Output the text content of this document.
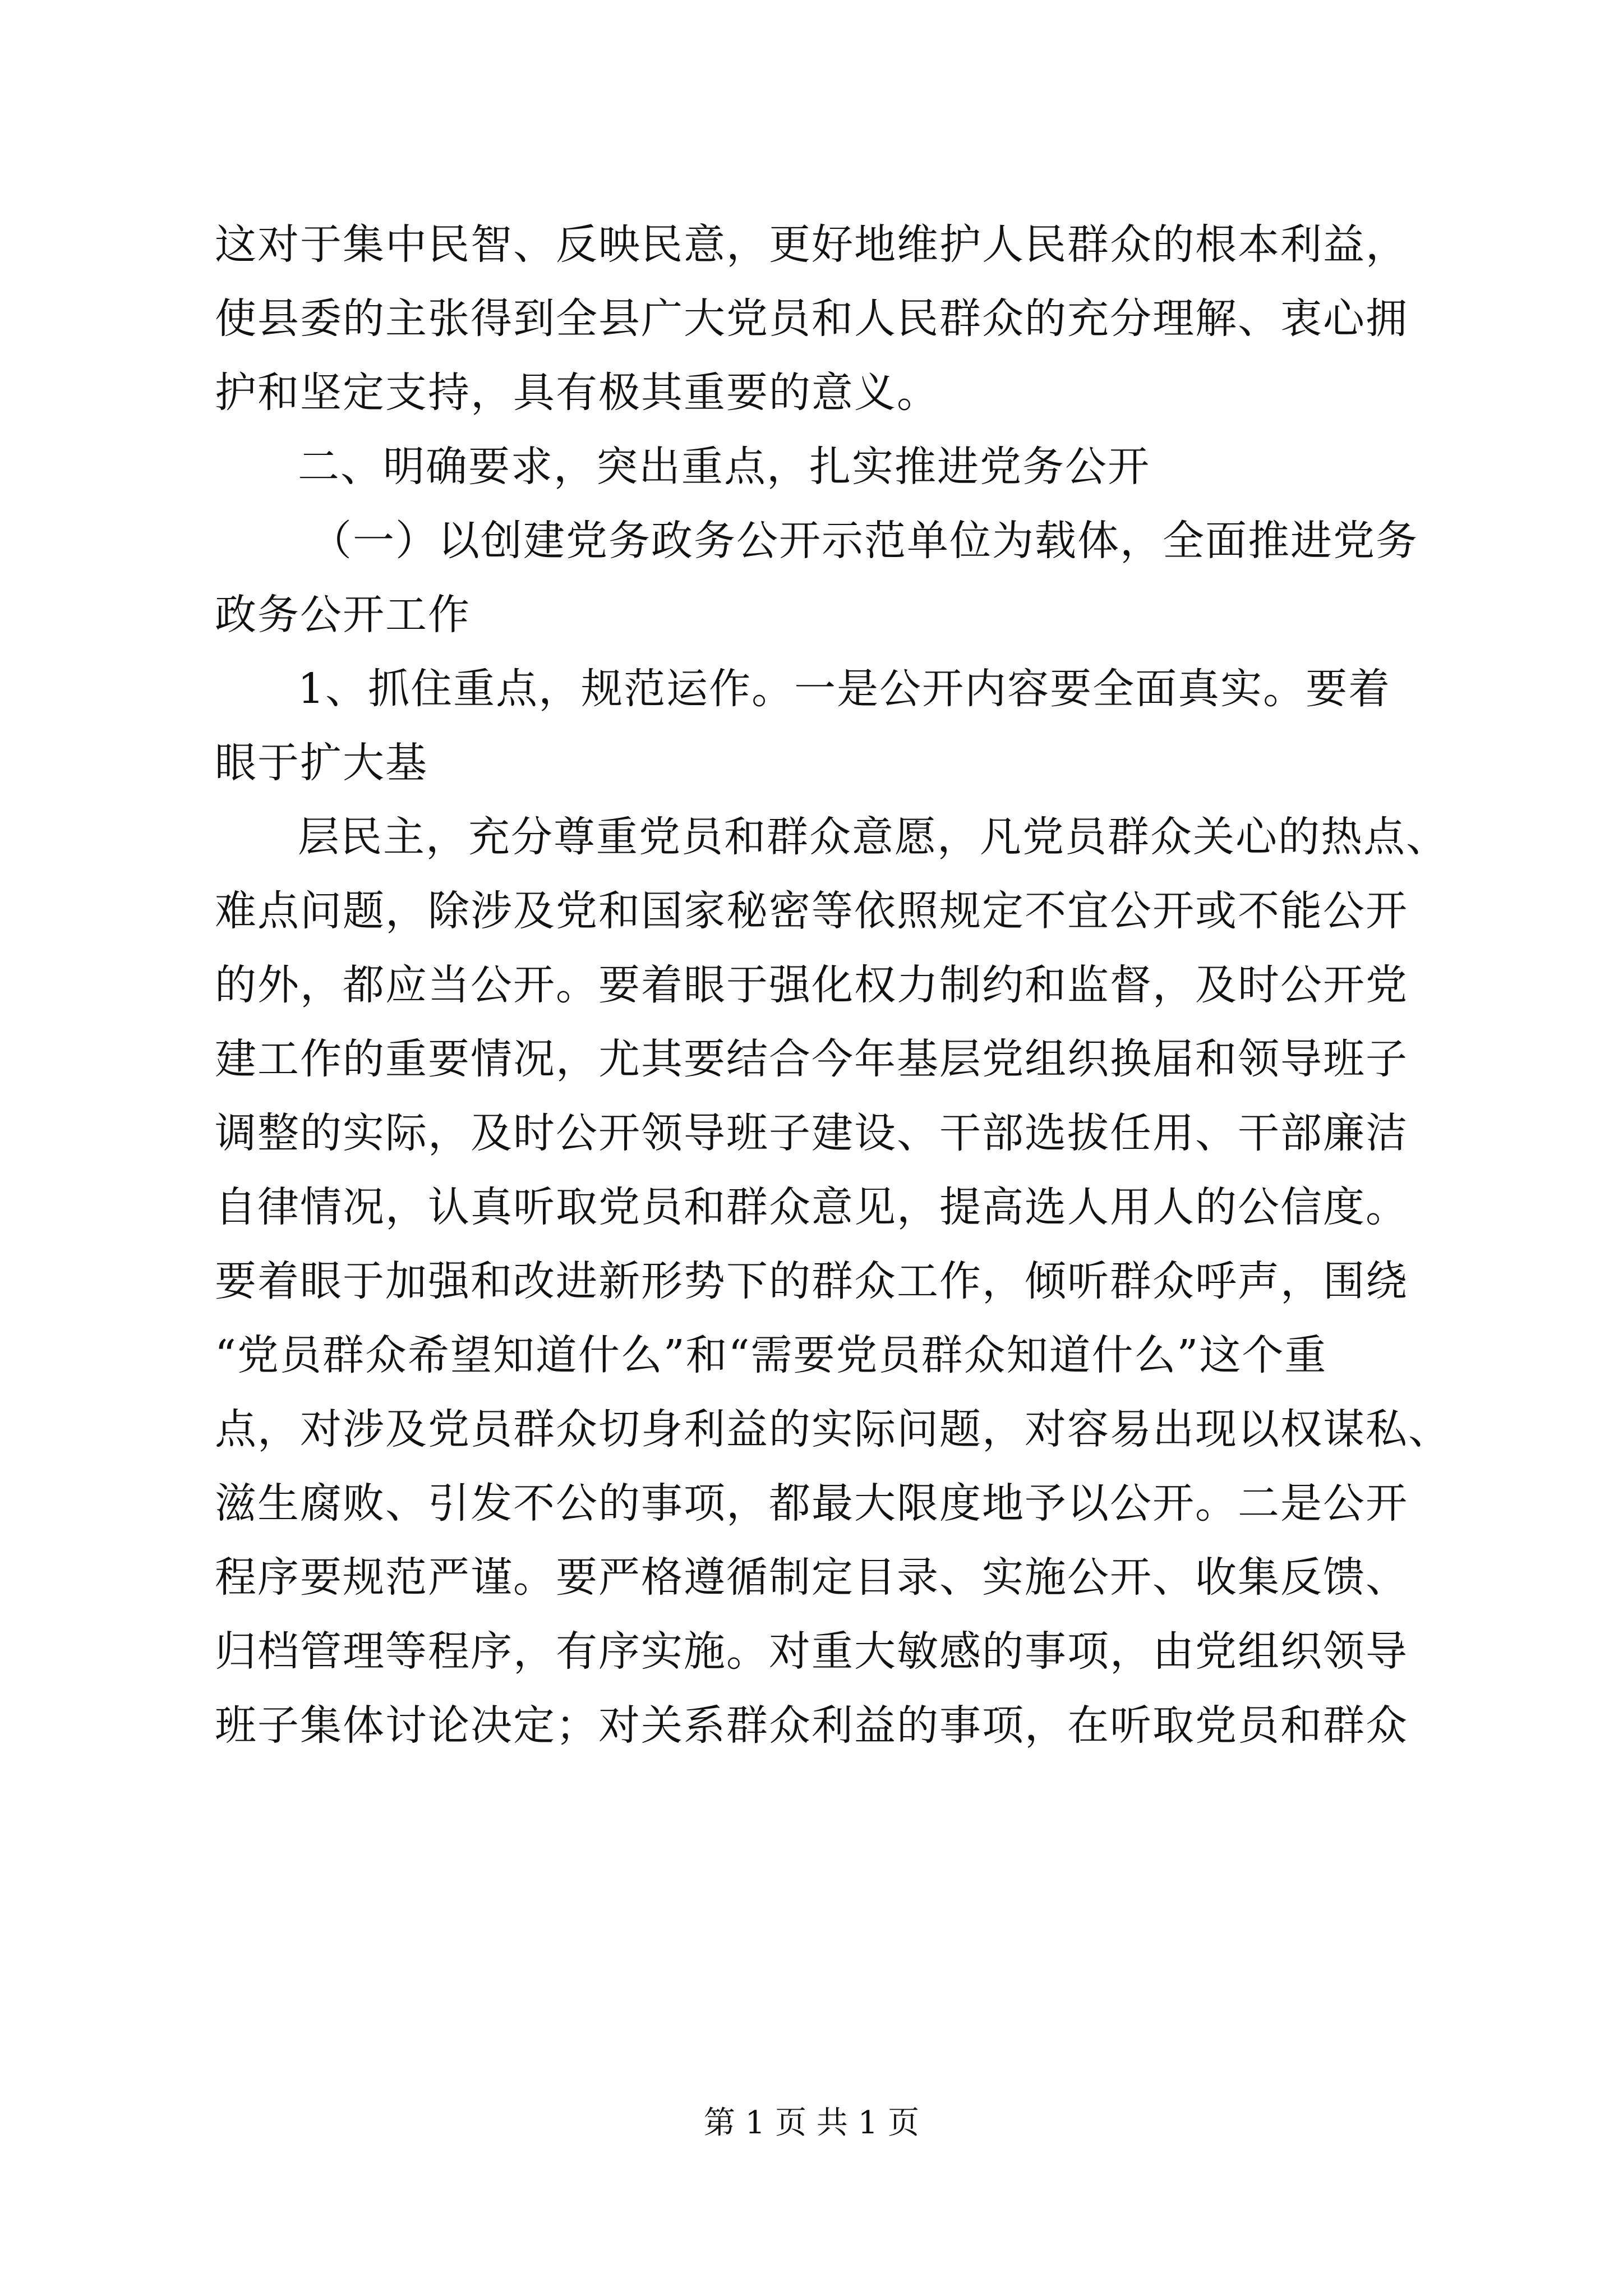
这对于集中民智、反映民意，更好地维护人民群众的根本利益，
使县委的主张得到全县广大党员和人民群众的充分理解、衷心拥
护和坚定支持，具有极其重要的意义。
二、明确要求，突出重点，扎实推进党务公开
（一）以创建党务政务公开示范单位为载体，全面推进党务
政务公开工作
1、抓住重点，规范运作。一是公开内容要全面真实。要着
眼于扩大基
层民主，充分尊重党员和群众意愿，凡党员群众关心的热点、
难点问题，除涉及党和国家秘密等依照规定不宜公开或不能公开
的外，都应当公开。要着眼于强化权力制约和监督，及时公开党
建工作的重要情况，尤其要结合今年基层党组织换届和领导班子
调整的实际，及时公开领导班子建设、干部选拔任用、干部廉洁
自律情况，认真听取党员和群众意见，提高选人用人的公信度。
要着眼于加强和改进新形势下的群众工作，倾听群众呼声，围绕
“党员群众希望知道什么”和“需要党员群众知道什么”这个重
点，对涉及党员群众切身利益的实际问题，对容易出现以权谋私、
滋生腐败、引发不公的事项，都最大限度地予以公开。二是公开
程序要规范严谨。要严格遵循制定目录、实施公开、收集反馈、
归档管理等程序，有序实施。对重大敏感的事项，由党组织领导
班子集体讨论决定；对关系群众利益的事项，在听取党员和群众
第 1 页 共 1 页
